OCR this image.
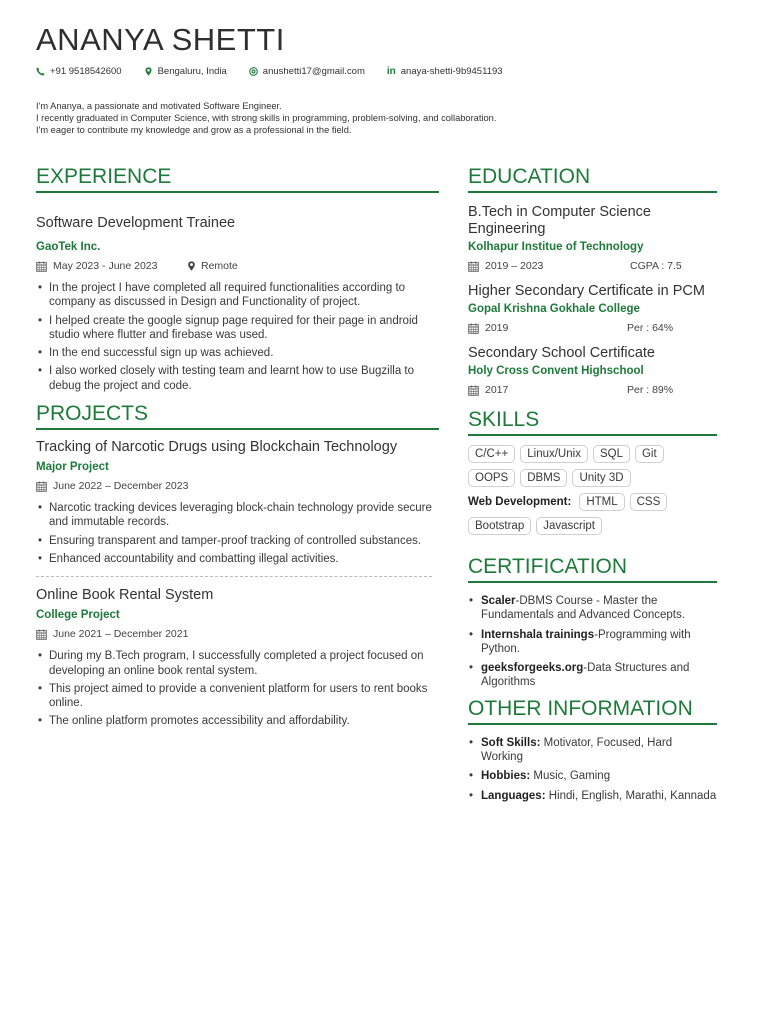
ANANYA SHETTI
+91 9518542600	Bengaluru, India	anushetti17@gmail.com in anaya-shetti-9b9451193
I'm Ananya, a passionate and motivated Software Engineer.
I recently graduated in Computer Science, with strong skills in programming, problem-solving, and collaboration.
I'm eager to contribute my knowledge and grow as a professional in the field.
EXPERIENCE
Software Development Trainee
GaoTek Inc.
May 2023 - June 2023	Remote
• In the project I have completed all required functionalities according to company as discussed in Design and Functionality of project.
• I helped create the google signup page required for their page in android studio where flutter and firebase was used.
• In the end successful sign up was achieved.
• I also worked closely with testing team and learnt how to use Bugzilla to debug the project and code.
PROJECTS
Tracking of Narcotic Drugs using Blockchain Technology
Major Project
June 2022 – December 2023
• Narcotic tracking devices leveraging block-chain technology provide secure and immutable records.
• Ensuring transparent and tamper-proof tracking of controlled substances.
• Enhanced accountability and combatting illegal activities.
Online Book Rental System
College Project
June 2021 – December 2021
• During my B.Tech program, I successfully completed a project focused on developing an online book rental system.
• This project aimed to provide a convenient platform for users to rent books online.
• The online platform promotes accessibility and affordability.
EDUCATION
B.Tech in Computer Science Engineering
Kolhapur Institue of Technology
2019 – 2023	CGPA : 7.5
Higher Secondary Certificate in PCM
Gopal Krishna Gokhale College
2019	Per : 64%
Secondary School Certificate
Holy Cross Convent Highschool
2017	Per : 89%
SKILLS
C/C++	Linux/Unix	SQL	Git
OOPS	DBMS	Unity 3D
Web Development:	HTML	CSS
Bootstrap	Javascript
CERTIFICATION
• Scaler-DBMS Course - Master the Fundamentals and Advanced Concepts.
• Internshala trainings-Programming with Python.
• geeksforgeeks.org-Data Structures and Algorithms
OTHER INFORMATION
• Soft Skills: Motivator, Focused, Hard Working
• Hobbies: Music, Gaming
• Languages: Hindi, English, Marathi, Kannada
